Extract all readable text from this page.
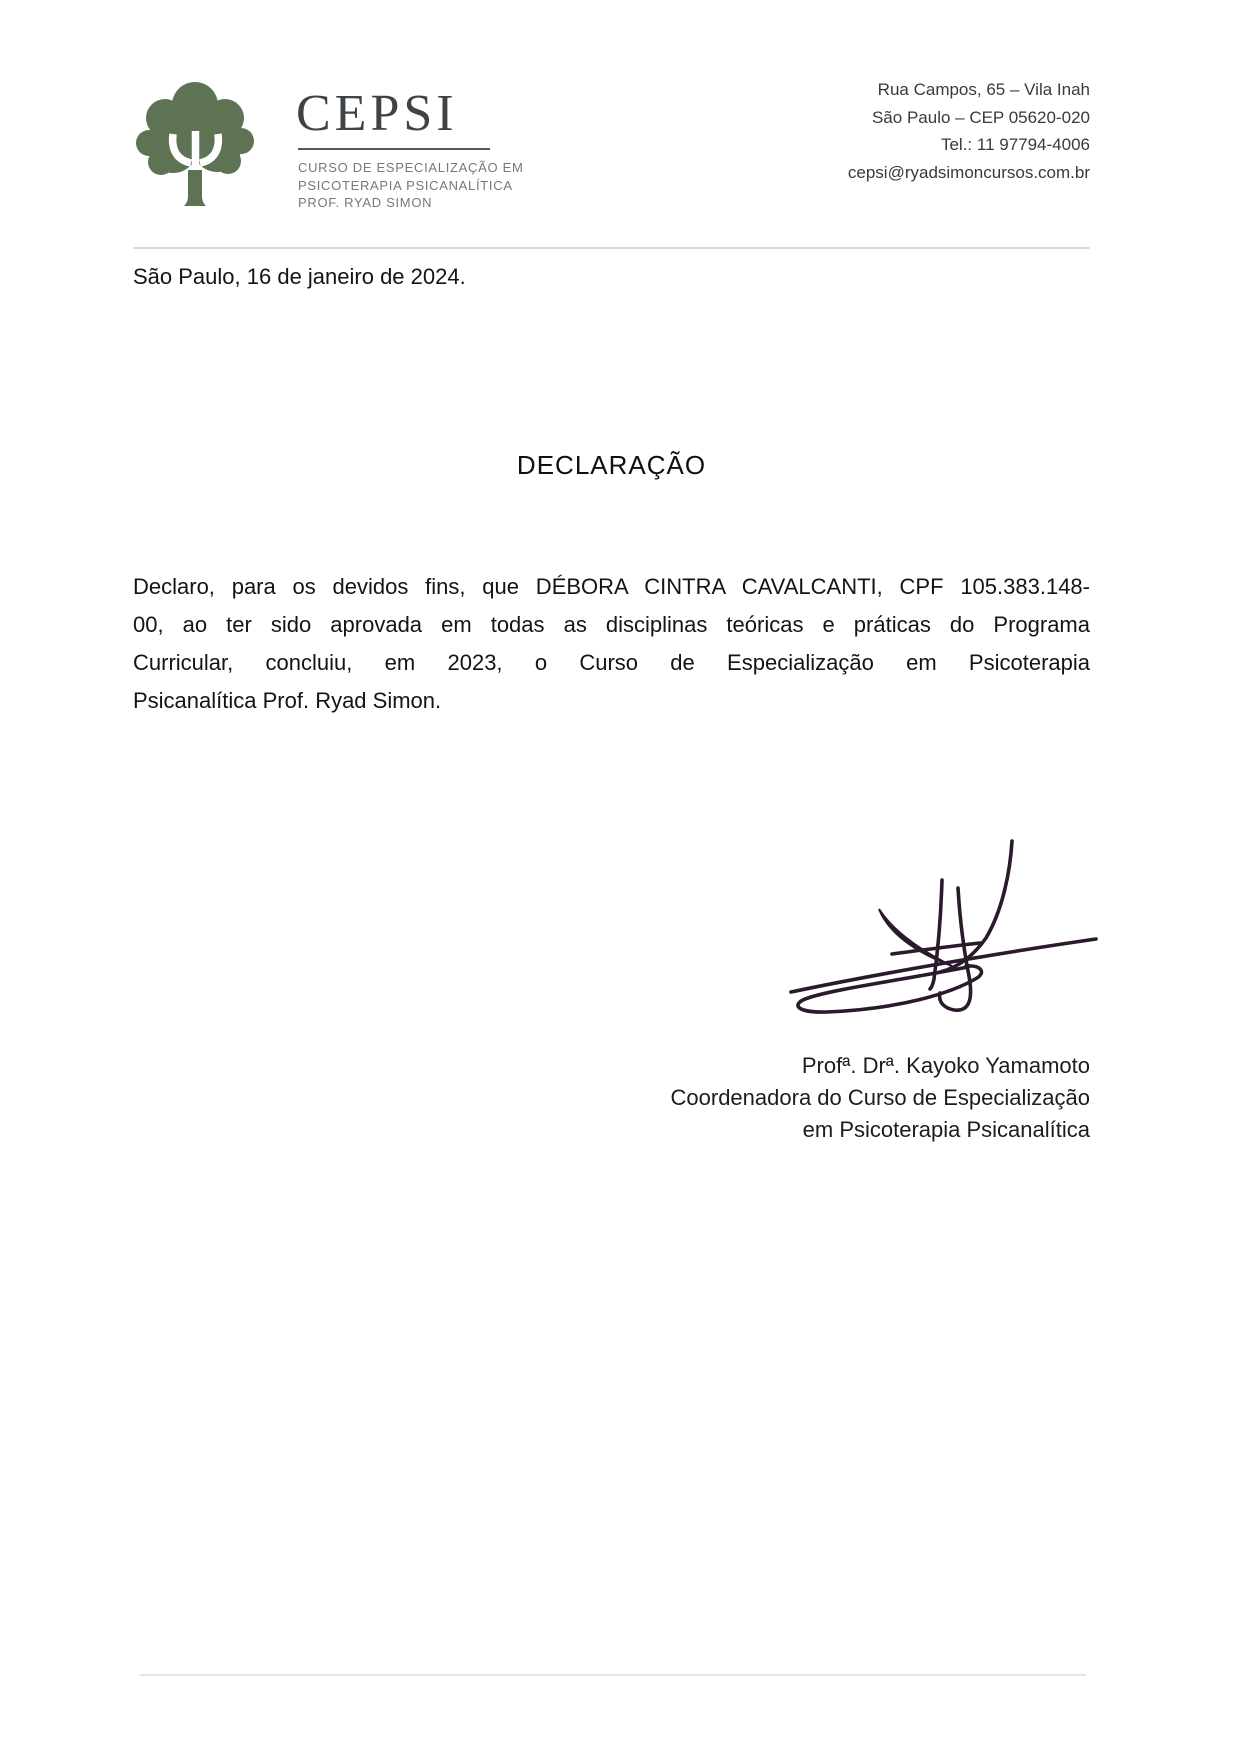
CEPSI
CURSO DE ESPECIALIZAÇÃO EM
PSICOTERAPIA PSICANALÍTICA
PROF. RYAD SIMON
Rua Campos, 65 – Vila Inah
São Paulo – CEP 05620-020
Tel.: 11 97794-4006
cepsi@ryadsimoncursos.com.br
São Paulo, 16 de janeiro de 2024.
DECLARAÇÃO
Declaro, para os devidos fins, que DÉBORA CINTRA CAVALCANTI, CPF 105.383.148-
00, ao ter sido aprovada em todas as disciplinas teóricas e práticas do Programa
Curricular, concluiu, em 2023, o Curso de Especialização em Psicoterapia
Psicanalítica Prof. Ryad Simon.
Profª. Drª. Kayoko Yamamoto
Coordenadora do Curso de Especialização
em Psicoterapia Psicanalítica
